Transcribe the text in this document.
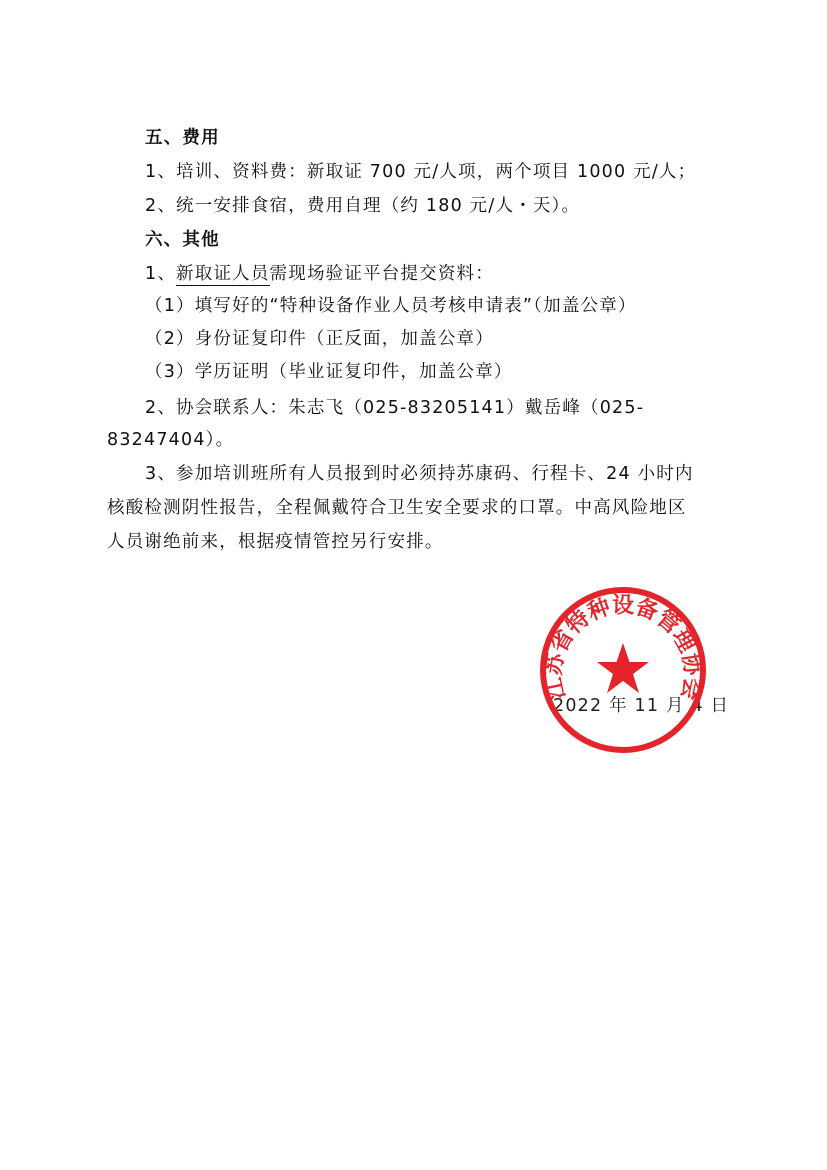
五、费用
1、培训、资料费：新取证 700 元/人项，两个项目 1000 元/人；
2、统一安排食宿，费用自理（约 180 元/人・天）。
六、其他
1、新取证人员需现场验证平台提交资料：
（1）填写好的“特种设备作业人员考核申请表”（加盖公章）
（2）身份证复印件（正反面，加盖公章）
（3）学历证明（毕业证复印件，加盖公章）
2、协会联系人：朱志飞（025-83205141）戴岳峰（025-
83247404）。
3、参加培训班所有人员报到时必须持苏康码、行程卡、24 小时内
核酸检测阴性报告，全程佩戴符合卫生安全要求的口罩。中高风险地区
人员谢绝前来，根据疫情管控另行安排。
2022 年 11 月 4 日
江苏省特种设备管理协会
